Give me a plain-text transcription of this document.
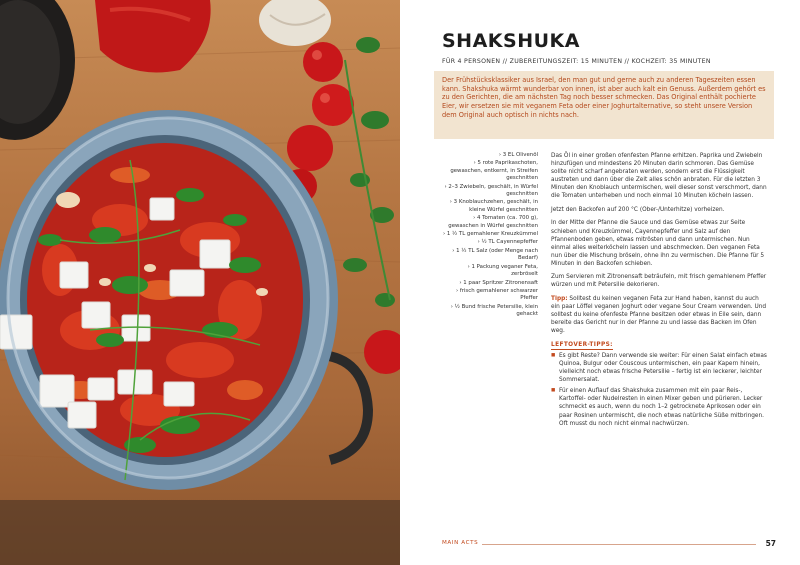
SHAKSHUKA
FÜR 4 PERSONEN // ZUBEREITUNGSZEIT: 15 MINUTEN // KOCHZEIT: 35 MINUTEN
Der Frühstücksklassiker aus Israel, den man gut und gerne auch zu anderen Tageszeiten essen kann. Shakshuka wärmt wunderbar von innen, ist aber auch kalt ein Genuss. Außerdem gehört es zu den Gerichten, die am nächsten Tag noch besser schmecken. Das Original enthält pochierte Eier, wir ersetzen sie mit veganem Feta oder einer Joghurtalternative, so steht unsere Version dem Original auch optisch in nichts nach.
› 3 EL Olivenöl
› 5 rote Paprikaschoten, gewaschen, entkernt, in Streifen geschnitten
› 2–3 Zwiebeln, geschält, in Würfel geschnitten
› 3 Knoblauchzehen, geschält, in kleine Würfel geschnitten
› 4 Tomaten (ca. 700 g), gewaschen in Würfel geschnitten
› 1 ½ TL gemahlener Kreuzkümmel
› ½ TL Cayennepfeffer
› 1 ½ TL Salz (oder Menge nach Bedarf)
› 1 Packung veganer Feta, zerbröselt
› 1 paar Spritzer Zitronensaft
› frisch gemahlener schwarzer Pfeffer
› ½ Bund frische Petersilie, klein gehackt

Das Öl in einer großen ofenfesten Pfanne erhitzen. Paprika und Zwiebeln hinzufügen und mindestens 20 Minuten darin schmoren. Das Gemüse sollte nicht scharf angebraten werden, sondern erst die Flüssigkeit austreten und dann über die Zeit alles schön anbraten. Für die letzten 3 Minuten den Knoblauch untermischen, weil dieser sonst verschmort, dann die Tomaten unterheben und noch einmal 10 Minuten köcheln lassen.

Jetzt den Backofen auf 200 °C (Ober-/Unterhitze) vorheizen.

In der Mitte der Pfanne die Sauce und das Gemüse etwas zur Seite schieben und Kreuzkümmel, Cayennepfeffer und Salz auf den Pfannenboden geben, etwas mitrösten und dann untermischen. Nun einmal alles weiterköcheln lassen und abschmecken. Den veganen Feta nun über die Mischung bröseln, ohne ihn zu vermischen. Die Pfanne für 5 Minuten in den Backofen schieben.

Zum Servieren mit Zitronensaft beträufeln, mit frisch gemahlenem Pfeffer würzen und mit Petersilie dekorieren.

Tipp: Solltest du keinen veganen Feta zur Hand haben, kannst du auch ein paar Löffel veganen Joghurt oder vegane Sour Cream verwenden. Und solltest du keine ofenfeste Pfanne besitzen oder etwas in Eile sein, dann bereite das Gericht nur in der Pfanne zu und lasse das Backen im Ofen weg.

LEFTOVER-TIPPS:
■ Es gibt Reste? Dann verwende sie weiter: Für einen Salat einfach etwas Quinoa, Bulgur oder Couscous untermischen, ein paar Kapern hinein, vielleicht noch etwas frische Petersilie – fertig ist ein leckerer, leichter Sommersalat.
■ Für einen Auflauf das Shakshuka zusammen mit ein paar Reis-, Kartoffel- oder Nudelresten in einen Mixer geben und pürieren. Lecker schmeckt es auch, wenn du noch 1–2 getrocknete Aprikosen oder ein paar Rosinen untermischt, die noch etwas natürliche Süße mitbringen. Oft musst du noch nicht einmal nachwürzen.
MAIN ACTS	57
